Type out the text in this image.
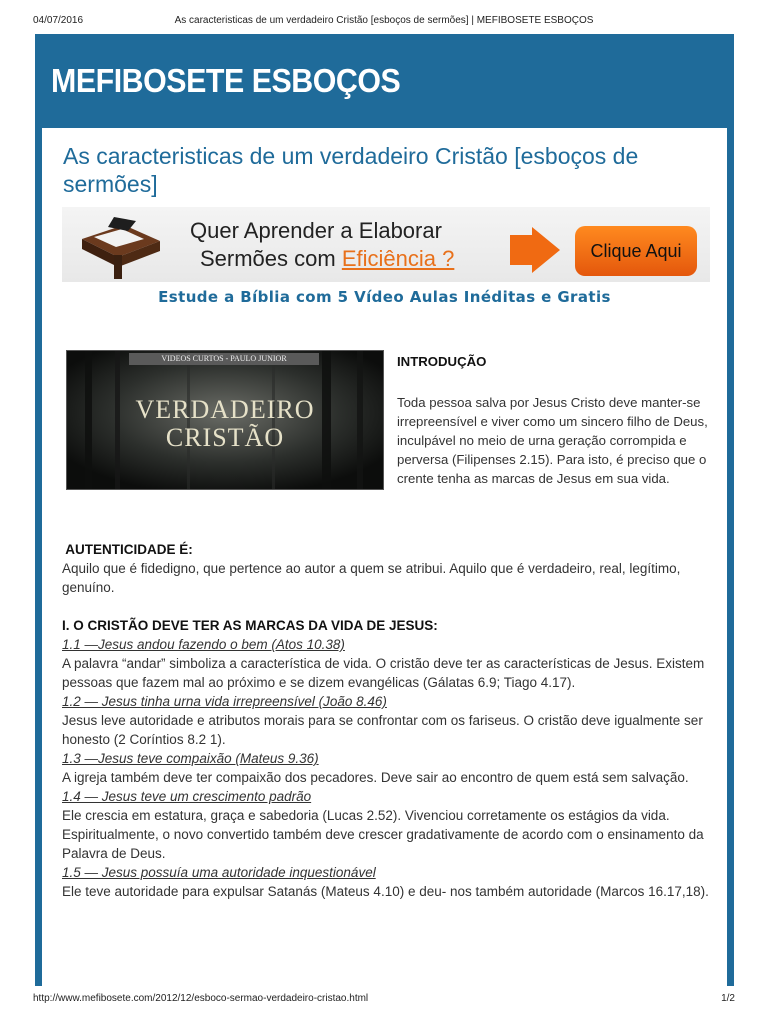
04/07/2016	As caracteristicas de um verdadeiro Cristão [esboços de sermões] | MEFIBOSETE ESBOÇOS
MEFIBOSETE ESBOÇOS
As caracteristicas de um verdadeiro Cristão [esboços de sermões]
Quer Aprender a Elaborar
Sermões com Eficiência ?	Clique Aqui
Estude a Bíblia com 5 Vídeo Aulas Inéditas e Gratis
VIDEOS CURTOS - PAULO JUNIOR
VERDADEIRO
CRISTÃO
INTRODUÇÃO

Toda pessoa salva por Jesus Cristo deve manter-se irrepreensível e viver como um sincero filho de Deus, inculpável no meio de urna geração corrompida e perversa (Filipenses 2.15). Para isto, é preciso que o crente tenha as marcas de Jesus em sua vida.

AUTENTICIDADE É:

Aquilo que é fidedigno, que pertence ao autor a quem se atribui. Aquilo que é verdadeiro, real, legítimo, genuíno.

I. O CRISTÃO DEVE TER AS MARCAS DA VIDA DE JESUS:

1.1 —Jesus andou fazendo o bem (Atos 10.38)

A palavra “andar” simboliza a característica de vida. O cristão deve ter as características de Jesus. Existem pessoas que fazem mal ao próximo e se dizem evangélicas (Gálatas 6.9; Tiago 4.17).

1.2 — Jesus tinha urna vida irrepreensível (João 8.46)

Jesus leve autoridade e atributos morais para se confrontar com os fariseus. O cristão deve igualmente ser honesto (2 Coríntios 8.2 1).

1.3 —Jesus teve compaixão (Mateus 9.36)

A igreja também deve ter compaixão dos pecadores. Deve sair ao encontro de quem está sem salvação.

1.4 — Jesus teve um crescimento padrão

Ele crescia em estatura, graça e sabedoria (Lucas 2.52). Vivenciou corretamente os estágios da vida. Espiritualmente, o novo convertido também deve crescer gradativamente de acordo com o ensinamento da Palavra de Deus.

1.5 — Jesus possuía uma autoridade inquestionável

Ele teve autoridade para expulsar Satanás (Mateus 4.10) e deu- nos também autoridade (Marcos 16.17,18).

http://www.mefibosete.com/2012/12/esboco-sermao-verdadeiro-cristao.html	1/2
